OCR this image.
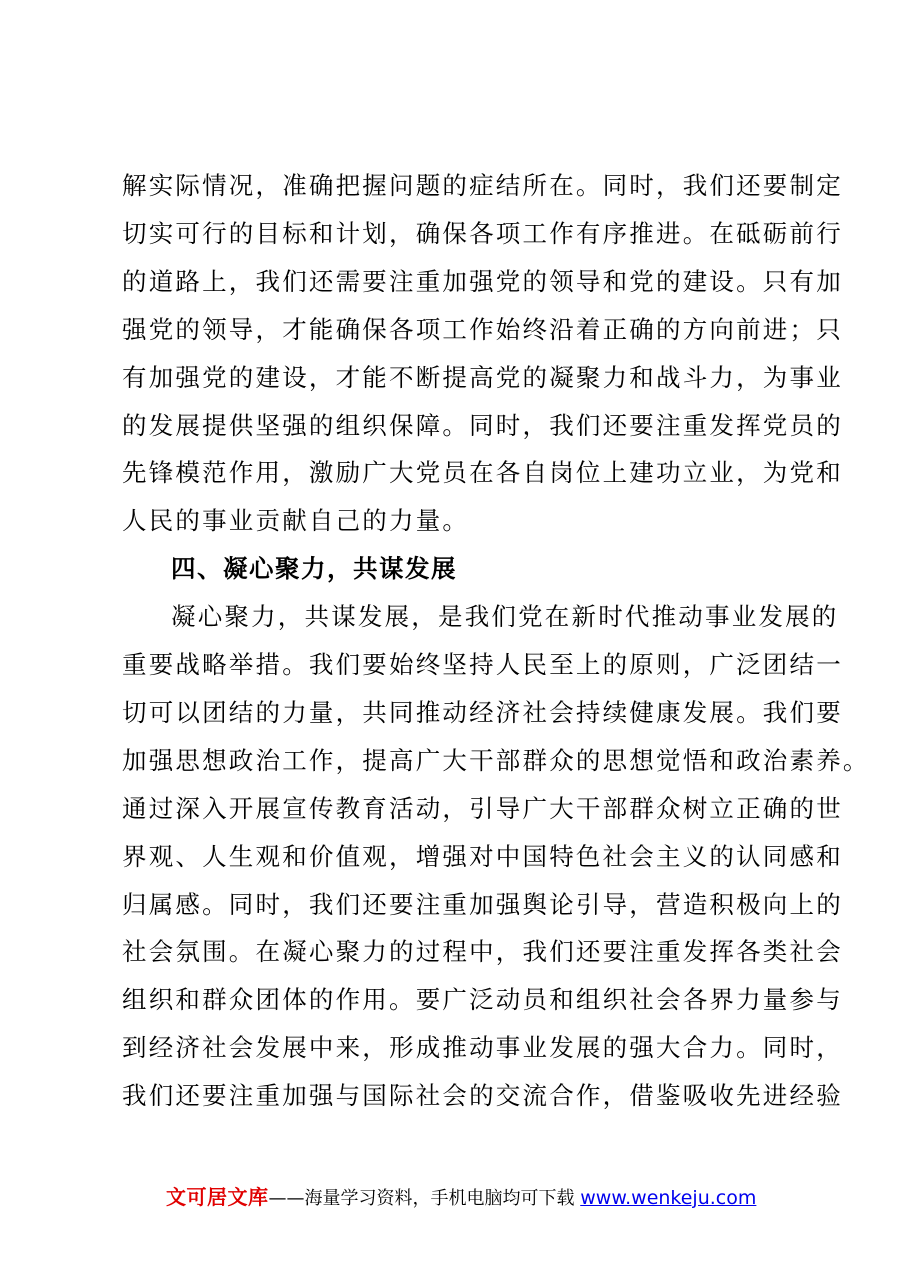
解实际情况，准确把握问题的症结所在。同时，我们还要制定
切实可行的目标和计划，确保各项工作有序推进。在砥砺前行
的道路上，我们还需要注重加强党的领导和党的建设。只有加
强党的领导，才能确保各项工作始终沿着正确的方向前进；只
有加强党的建设，才能不断提高党的凝聚力和战斗力，为事业
的发展提供坚强的组织保障。同时，我们还要注重发挥党员的
先锋模范作用，激励广大党员在各自岗位上建功立业，为党和
人民的事业贡献自己的力量。
四、凝心聚力，共谋发展
凝心聚力，共谋发展，是我们党在新时代推动事业发展的
重要战略举措。我们要始终坚持人民至上的原则，广泛团结一
切可以团结的力量，共同推动经济社会持续健康发展。我们要
加强思想政治工作，提高广大干部群众的思想觉悟和政治素养。
通过深入开展宣传教育活动，引导广大干部群众树立正确的世
界观、人生观和价值观，增强对中国特色社会主义的认同感和
归属感。同时，我们还要注重加强舆论引导，营造积极向上的
社会氛围。在凝心聚力的过程中，我们还要注重发挥各类社会
组织和群众团体的作用。要广泛动员和组织社会各界力量参与
到经济社会发展中来，形成推动事业发展的强大合力。同时，
我们还要注重加强与国际社会的交流合作，借鉴吸收先进经验
文可居文库——海量学习资料，手机电脑均可下载 www.wenkeju.com
